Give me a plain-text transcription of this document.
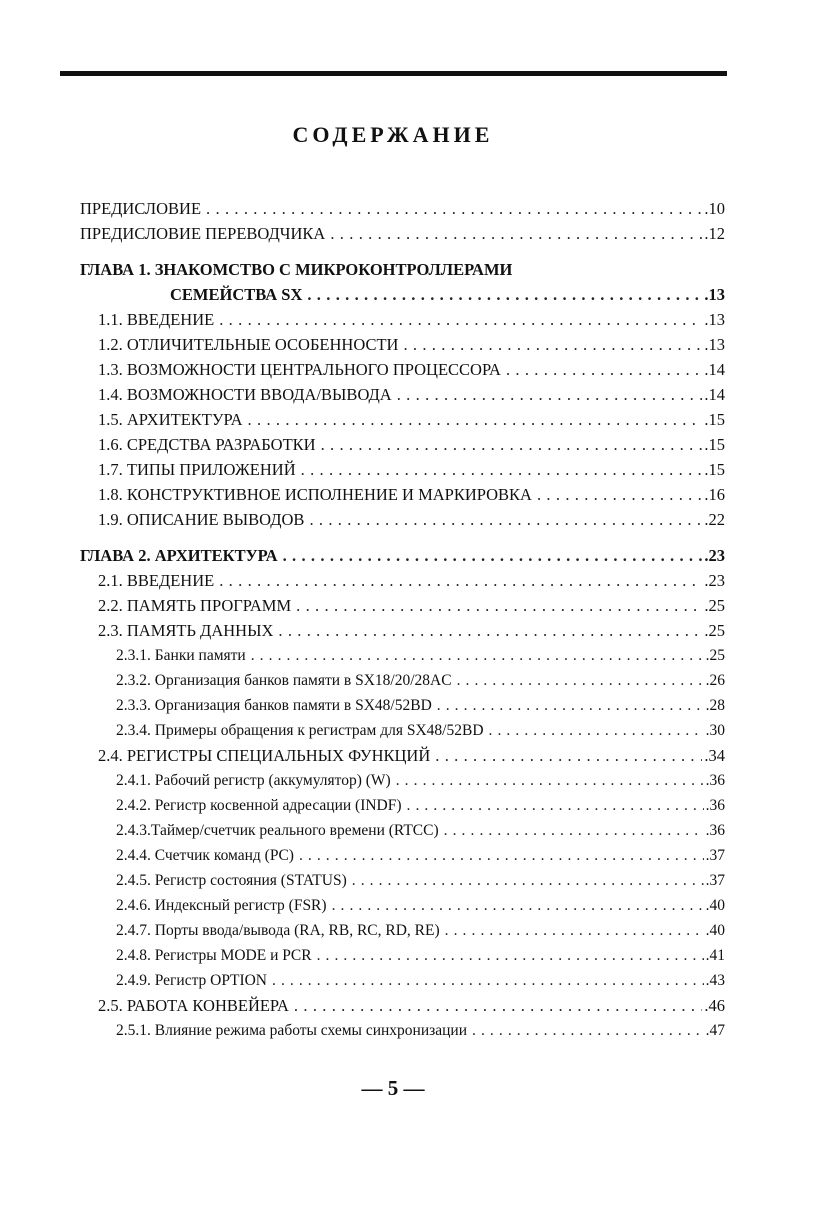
СОДЕРЖАНИЕ
ПРЕДИСЛОВИЕ . . .	.10
ПРЕДИСЛОВИЕ ПЕРЕВОДЧИКА . . .	.12
ГЛАВА 1. ЗНАКОМСТВО С МИКРОКОНТРОЛЛЕРАМИ
СЕМЕЙСТВА SX . . .	.13
1.1. ВВЕДЕНИЕ . . .	.13
1.2. ОТЛИЧИТЕЛЬНЫЕ ОСОБЕННОСТИ . . .	.13
1.3. ВОЗМОЖНОСТИ ЦЕНТРАЛЬНОГО ПРОЦЕССОРА . . .	.14
1.4. ВОЗМОЖНОСТИ ВВОДА/ВЫВОДА . . .	.14
1.5. АРХИТЕКТУРА . . .	.15
1.6. СРЕДСТВА РАЗРАБОТКИ . . .	.15
1.7. ТИПЫ ПРИЛОЖЕНИЙ . . .	.15
1.8. КОНСТРУКТИВНОЕ ИСПОЛНЕНИЕ И МАРКИРОВКА . . .	.16
1.9. ОПИСАНИЕ ВЫВОДОВ . . .	.22
ГЛАВА 2. АРХИТЕКТУРА . . .	.23
2.1. ВВЕДЕНИЕ . . .	.23
2.2. ПАМЯТЬ ПРОГРАММ . . .	.25
2.3. ПАМЯТЬ ДАННЫХ . . .	.25
2.3.1. Банки памяти . . .	.25
2.3.2. Организация банков памяти в SX18/20/28AC . . .	.26
2.3.3. Организация банков памяти в SX48/52BD . . .	.28
2.3.4. Примеры обращения к регистрам для SX48/52BD . . .	.30
2.4. РЕГИСТРЫ СПЕЦИАЛЬНЫХ ФУНКЦИЙ . . .	.34
2.4.1. Рабочий регистр (аккумулятор) (W) . . .	.36
2.4.2. Регистр косвенной адресации (INDF) . . .	.36
2.4.3.Таймер/счетчик реального времени (RTCC) . . .	.36
2.4.4. Счетчик команд (PC) . . .	.37
2.4.5. Регистр состояния (STATUS) . . .	.37
2.4.6. Индексный регистр (FSR) . . .	.40
2.4.7. Порты ввода/вывода (RA, RB, RC, RD, RE) . . .	.40
2.4.8. Регистры MODE и PCR . . .	.41
2.4.9. Регистр OPTION . . .	.43
2.5. РАБОТА КОНВЕЙЕРА . . .	.46
2.5.1. Влияние режима работы схемы синхронизации . . .	.47
— 5 —
